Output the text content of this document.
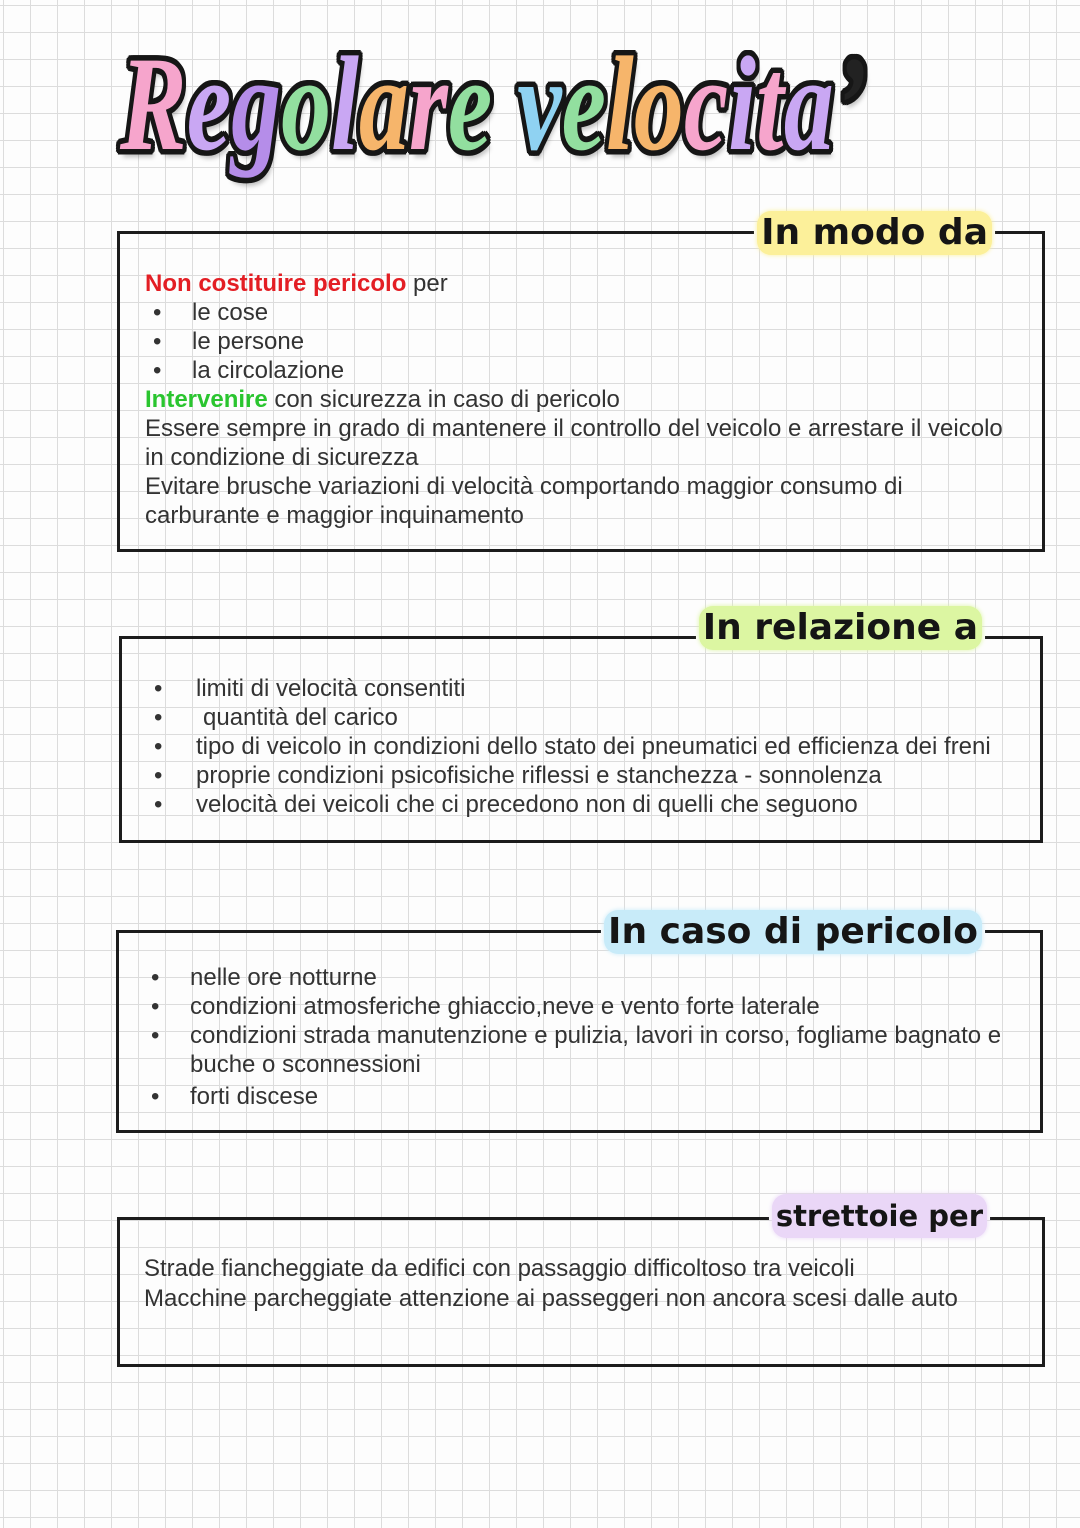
Regolare velocita’
In modo da
Non costituire pericolo per
•
le cose
•
le persone
•
la circolazione
Intervenire con sicurezza in caso di pericolo

Essere sempre in grado di mantenere il controllo del veicolo e arrestare il veicolo in condizione di sicurezza

Evitare brusche variazioni di velocità comportando maggior consumo di carburante e maggior inquinamento

In relazione a
•
limiti di velocità consentiti
•
quantità del carico
•
tipo di veicolo in condizioni dello stato dei pneumatici ed efficienza dei freni
•
proprie condizioni psicofisiche riflessi e stanchezza - sonnolenza
•
velocità dei veicoli che ci precedono non di quelli che seguono
In caso di pericolo
•
nelle ore notturne
•
condizioni atmosferiche ghiaccio,neve e vento forte laterale
•
condizioni strada manutenzione e pulizia, lavori in corso, fogliame bagnato e buche o sconnessioni
•
forti discese
strettoie per

Strade fiancheggiate da edifici con passaggio difficoltoso tra veicoli

Macchine parcheggiate attenzione ai passeggeri non ancora scesi dalle auto
